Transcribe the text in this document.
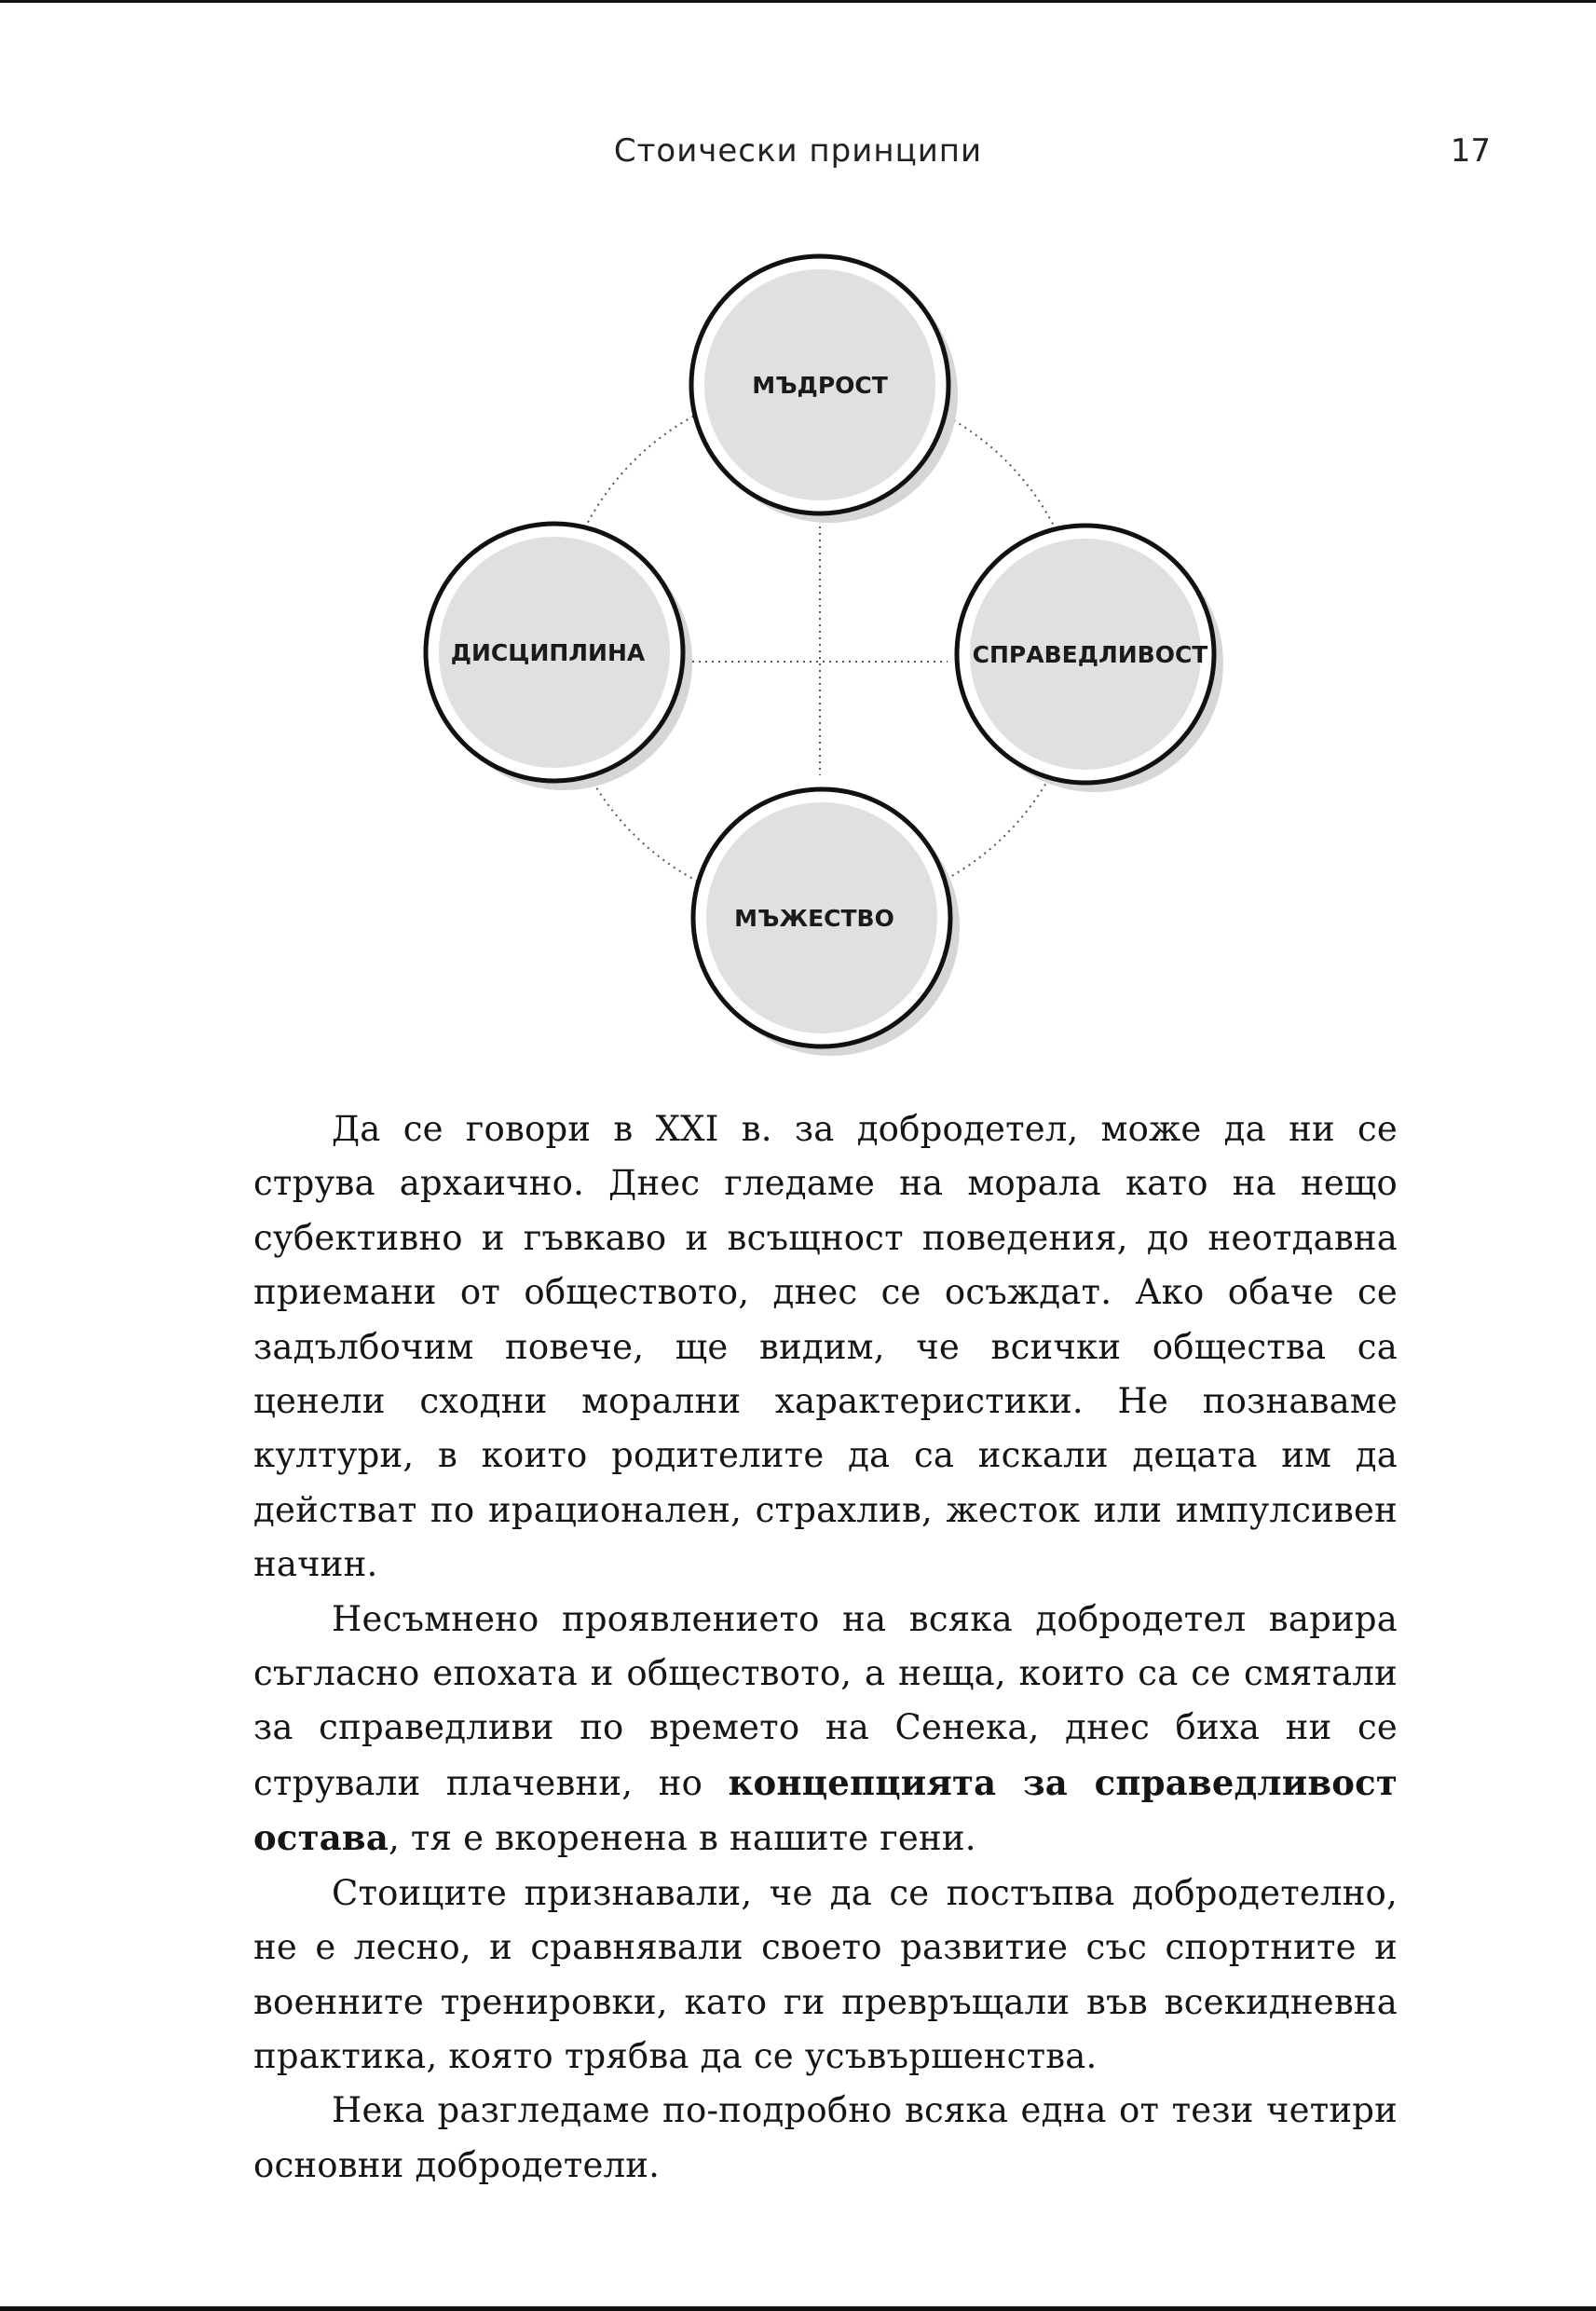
Стоически принципи	17
МЪДРОСТ
ДИСЦИПЛИНА	СПРАВЕДЛИВОСТ
МЪЖЕСТВО

Да се говори в XXI в. за добродетел, може да ни се струва архаично. Днес гледаме на морала като на нещо субективно и гъвкаво и всъщност поведения, до неотдавна приемани от обществото, днес се осъждат. Ако обаче се задълбочим повече, ще видим, че всички общества са ценели сходни морални характеристики. Не познаваме култури, в които родителите да са искали децата им да действат по ирационален, страхлив, жесток или импулсивен начин.

Несъмнено проявлението на всяка добродетел варира съгласно епохата и обществото, а неща, които са се смятали за справедливи по времето на Сенека, днес биха ни се стрували плачевни, но концепцията за справедливост остава, тя е вкоренена в нашите гени.

Стоиците признавали, че да се постъпва добродетелно, не е лесно, и сравнявали своето развитие със спортните и военните тренировки, като ги превръщали във всекидневна практика, която трябва да се усъвършенства.

Нека разгледаме по-подробно всяка една от тези четири основни добродетели.
